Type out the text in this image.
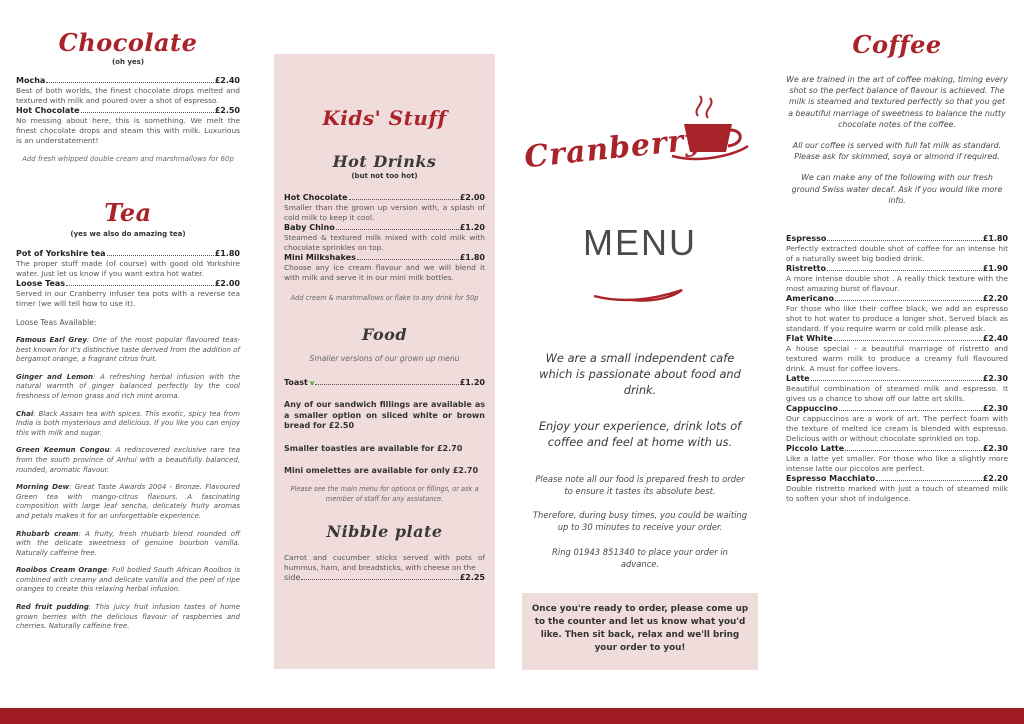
Chocolate
(oh yes)
Mocha	£2.40
Best of both worlds, the finest chocolate drops melted and textured with milk and poured over a shot of espresso.
Hot Chocolate	£2.50
No messing about here, this is something. We melt the finest chocolate drops and steam this with milk. Luxurious is an understatement!
Add fresh whipped double cream and marshmallows for 60p
Tea
(yes we also do amazing tea)
Pot of Yorkshire tea	£1.80
The proper stuff made (of course) with good old Yorkshire water. Just let us know if you want extra hot water.
Loose Teas	£2.00
Served in our Cranberry infuser tea pots with a reverse tea timer (we will tell how to use it).
Loose Teas Available:
Famous Earl Grey: One of the most popular flavoured teas- best known for it's distinctive taste derived from the addition of bergamot orange, a fragrant citrus fruit.
Ginger and Lemon: A refreshing herbal infusion with the natural warmth of ginger balanced perfectly by the cool freshness of lemon grass and rich mint aroma.
Chai: Black Assam tea with spices. This exotic, spicy tea from India is both mysterious and delicious. If you like you can enjoy this with milk and sugar.
Green Keemun Congou: A rediscovered exclusive rare tea from the south province of Anhui with a beautifully balanced, rounded, aromatic flavour.
Morning Dew: Great Taste Awards 2004 - Bronze. Flavoured Green tea with mango-citrus flavours. A fascinating composition with large leaf sencha, delicately fruity aromas and petals makes it for an unforgettable experience.
Rhubarb cream: A fruity, fresh rhubarb blend rounded off with the delicate sweetness of genuine bourbon vanilla. Naturally caffeine free.
Rooibos Cream Orange: Full bodied South African Rooibos is combined with creamy and delicate vanilla and the peel of ripe oranges to create this relaxing herbal infusion.
Red fruit pudding: This juicy fruit infusion tastes of home grown berries with the delicious flavour of raspberries and cherries. Naturally caffeine free.
Kids' Stuff
Hot Drinks
(but not too hot)
Hot Chocolate	£2.00
Smaller than the grown up version with, a splash of cold milk to keep it cool.
Baby Chino	£1.20
Steamed & textured milk mixed with cold milk with chocolate sprinkles on top.
Mini Milkshakes	£1.80
Choose any ice cream flavour and we will blend it with milk and serve it in our mini milk bottles.
Add cream & marshmallows or flake to any drink for 50p
Food
Smaller versions of our grown up menu
Toast v	£1.20
Any of our sandwich fillings are available as a smaller option on sliced white or brown bread for £2.50
Smaller toasties are available for £2.70
Mini omelettes are available for only £2.70
Please see the main menu for options or fillings, or ask a member of staff for any assistance.
Nibble plate
Carrot and cucumber sticks served with pots of hummus, ham, and breadsticks, with cheese on the
side	£2.25
Cranberry
MENU
We are a small independent cafe which is passionate about food and drink.
Enjoy your experience, drink lots of coffee and feel at home with us.
Please note all our food is prepared fresh to order to ensure it tastes its absolute best.
Therefore, during busy times, you could be waiting up to 30 minutes to receive your order.
Ring 01943 851340 to place your order in advance.
Once you're ready to order, please come up to the counter and let us know what you'd like. Then sit back, relax and we'll bring your order to you!
Coffee
We are trained in the art of coffee making, timing every shot so the perfect balance of flavour is achieved. The milk is steamed and textured perfectly so that you get a beautiful marriage of sweetness to balance the nutty chocolate notes of the coffee.
All our coffee is served with full fat milk as standard. Please ask for skimmed, soya or almond if required.
We can make any of the following with our fresh ground Swiss water decaf. Ask if you would like more info.
Espresso	£1.80
Perfectly extracted double shot of coffee for an intense hit of a naturally sweet big bodied drink.
Ristretto	£1.90
A more intense double shot . A really thick texture with the most amazing burst of flavour.
Americano	£2.20
For those who like their coffee black, we add an espresso shot to hot water to produce a longer shot. Served black as standard. If you require warm or cold milk please ask.
Flat White	£2.40
A house special - a beautiful marriage of ristretto and textured warm milk to produce a creamy full flavoured drink. A must for coffee lovers.
Latte	£2.30
Beautiful combination of steamed milk and espresso. It gives us a chance to show off our latte art skills.
Cappuccino	£2.30
Our cappuccinos are a work of art. The perfect foam with the texture of melted ice cream is blended with espresso. Delicious with or without chocolate sprinkled on top.
Piccolo Latte	£2.30
Like a latte yet smaller. For those who like a slightly more intense latte our piccolos are perfect.
Espresso Macchiato	£2.20
Double ristretto marked with just a touch of steamed milk to soften your shot of indulgence.
